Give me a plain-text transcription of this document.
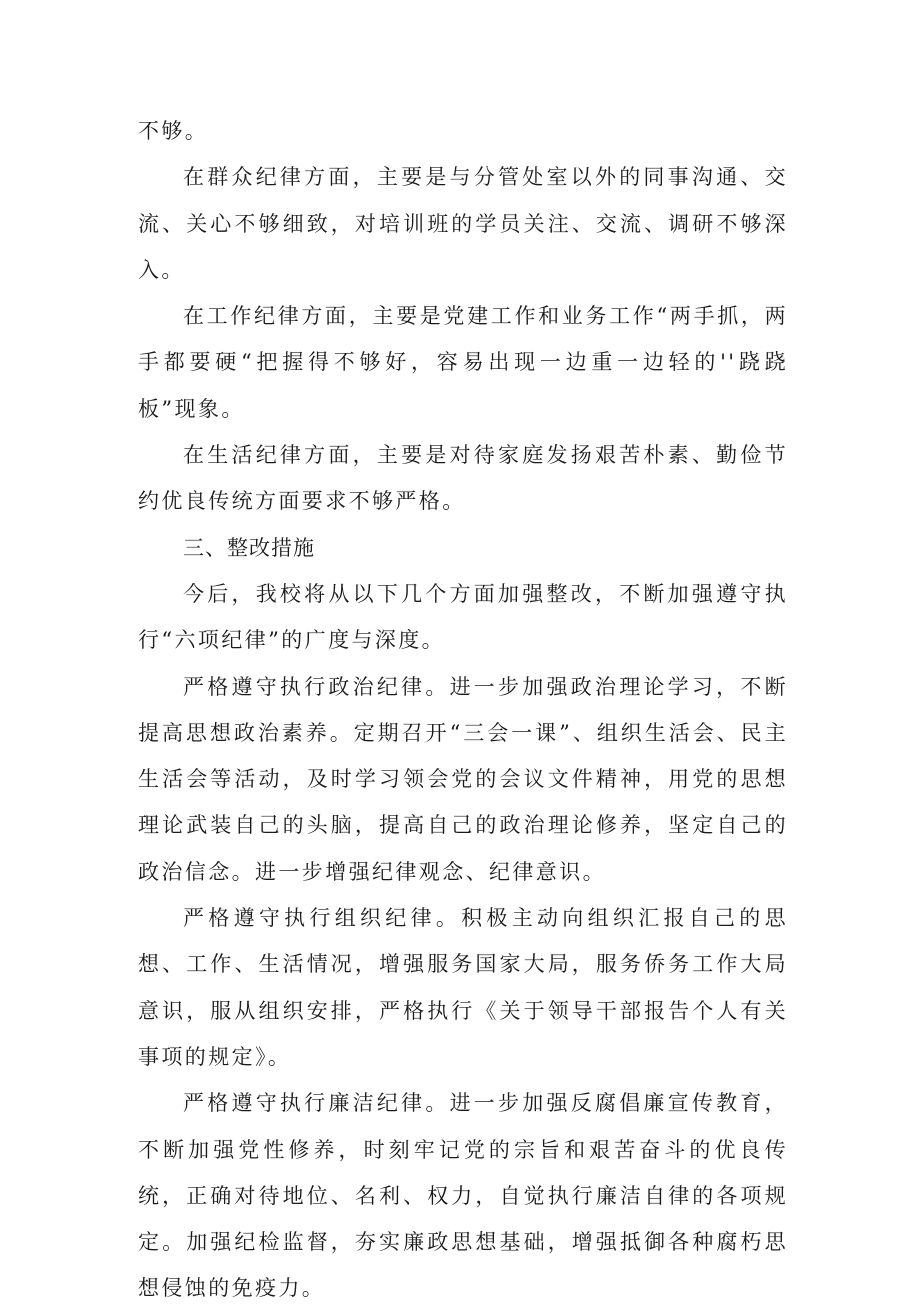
不够。

在群众纪律方面，主要是与分管处室以外的同事沟通、交流、关心不够细致，对培训班的学员关注、交流、调研不够深入。

在工作纪律方面，主要是党建工作和业务工作“两手抓，两手都要硬“把握得不够好，容易出现一边重一边轻的''跷跷板”现象。

在生活纪律方面，主要是对待家庭发扬艰苦朴素、勤俭节约优良传统方面要求不够严格。

三、整改措施

今后，我校将从以下几个方面加强整改，不断加强遵守执行“六项纪律”的广度与深度。

严格遵守执行政治纪律。进一步加强政治理论学习，不断提高思想政治素养。定期召开“三会一课”、组织生活会、民主生活会等活动，及时学习领会党的会议文件精神，用党的思想理论武装自己的头脑，提高自己的政治理论修养，坚定自己的政治信念。进一步增强纪律观念、纪律意识。

严格遵守执行组织纪律。积极主动向组织汇报自己的思想、工作、生活情况，增强服务国家大局，服务侨务工作大局意识，服从组织安排，严格执行《关于领导干部报告个人有关事项的规定》。

严格遵守执行廉洁纪律。进一步加强反腐倡廉宣传教育，不断加强党性修养，时刻牢记党的宗旨和艰苦奋斗的优良传统，正确对待地位、名利、权力，自觉执行廉洁自律的各项规定。加强纪检监督，夯实廉政思想基础，增强抵御各种腐朽思想侵蚀的免疫力。
